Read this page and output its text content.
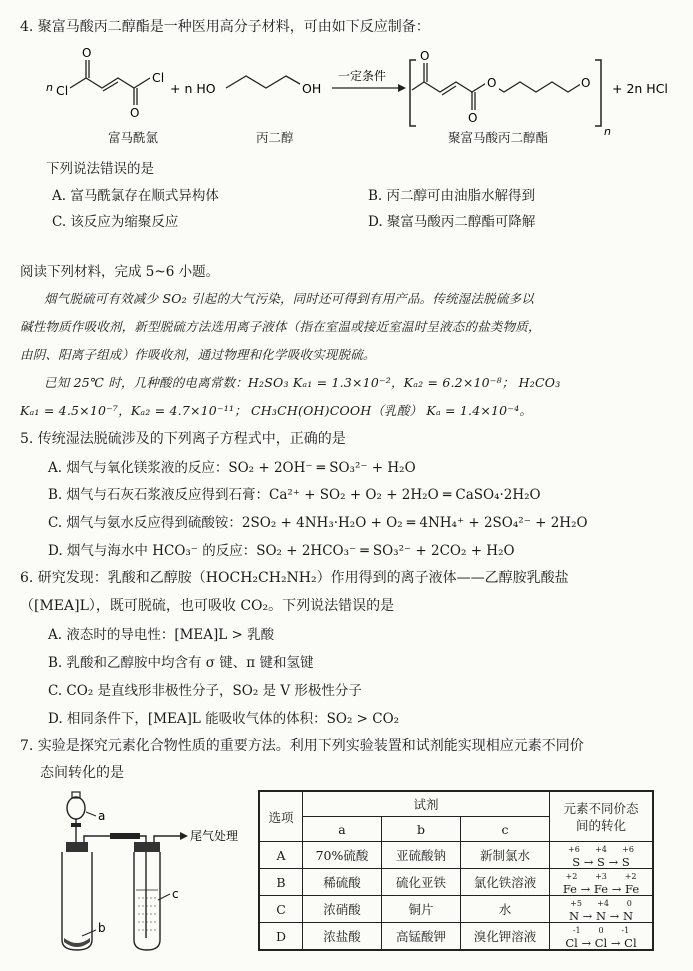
4. 聚富马酸丙二醇酯是一种医用高分子材料，可由如下反应制备：
n Cl
O
O
Cl
+ n HO	OH
一定条件
O
O
O	O
n
+ 2n HCl
富马酰氯	丙二醇	聚富马酸丙二醇酯
下列说法错误的是
A. 富马酰氯存在顺式异构体	B. 丙二醇可由油脂水解得到
C. 该反应为缩聚反应	D. 聚富马酸丙二醇酯可降解
阅读下列材料，完成 5~6 小题。
烟气脱硫可有效减少 SO₂ 引起的大气污染，同时还可得到有用产品。传统湿法脱硫多以
碱性物质作吸收剂，新型脱硫方法选用离子液体（指在室温或接近室温时呈液态的盐类物质，
由阴、阳离子组成）作吸收剂，通过物理和化学吸收实现脱硫。
已知 25℃ 时，几种酸的电离常数：H₂SO₃ Kₐ₁ = 1.3×10⁻²，Kₐ₂ = 6.2×10⁻⁸； H₂CO₃
Kₐ₁ = 4.5×10⁻⁷，Kₐ₂ = 4.7×10⁻¹¹； CH₃CH(OH)COOH（乳酸） Kₐ = 1.4×10⁻⁴。
5. 传统湿法脱硫涉及的下列离子方程式中，正确的是
A. 烟气与氧化镁浆液的反应：SO₂ + 2OH⁻ ═ SO₃²⁻ + H₂O
B. 烟气与石灰石浆液反应得到石膏：Ca²⁺ + SO₂ + O₂ + 2H₂O ═ CaSO₄·2H₂O
C. 烟气与氨水反应得到硫酸铵：2SO₂ + 4NH₃·H₂O + O₂ ═ 4NH₄⁺ + 2SO₄²⁻ + 2H₂O
D. 烟气与海水中 HCO₃⁻ 的反应：SO₂ + 2HCO₃⁻ ═ SO₃²⁻ + 2CO₂ + H₂O
6. 研究发现：乳酸和乙醇胺（HOCH₂CH₂NH₂）作用得到的离子液体——乙醇胺乳酸盐
（[MEA]L），既可脱硫，也可吸收 CO₂。下列说法错误的是
A. 液态时的导电性：[MEA]L > 乳酸
B. 乳酸和乙醇胺中均含有 σ 键、π 键和氢键
C. CO₂ 是直线形非极性分子，SO₂ 是 V 形极性分子
D. 相同条件下，[MEA]L 能吸收气体的体积：SO₂ > CO₂
7. 实验是探究元素化合物性质的重要方法。利用下列实验装置和试剂能实现相应元素不同价
态间转化的是
a
b
c
尾气处理
选项	试剂			元素不同价态
间的转化
	a	b	c	
A	70%硫酸	亚硫酸钠	新制氯水	+6 +4 +6
S → S → S
B	稀硫酸	硫化亚铁	氯化铁溶液	+2 +3 +2
Fe → Fe → Fe
C	浓硝酸	铜片	水	+5 +4 0
N → N → N
D	浓盐酸	高锰酸钾	溴化钾溶液	-1 0 -1
Cl → Cl → Cl
